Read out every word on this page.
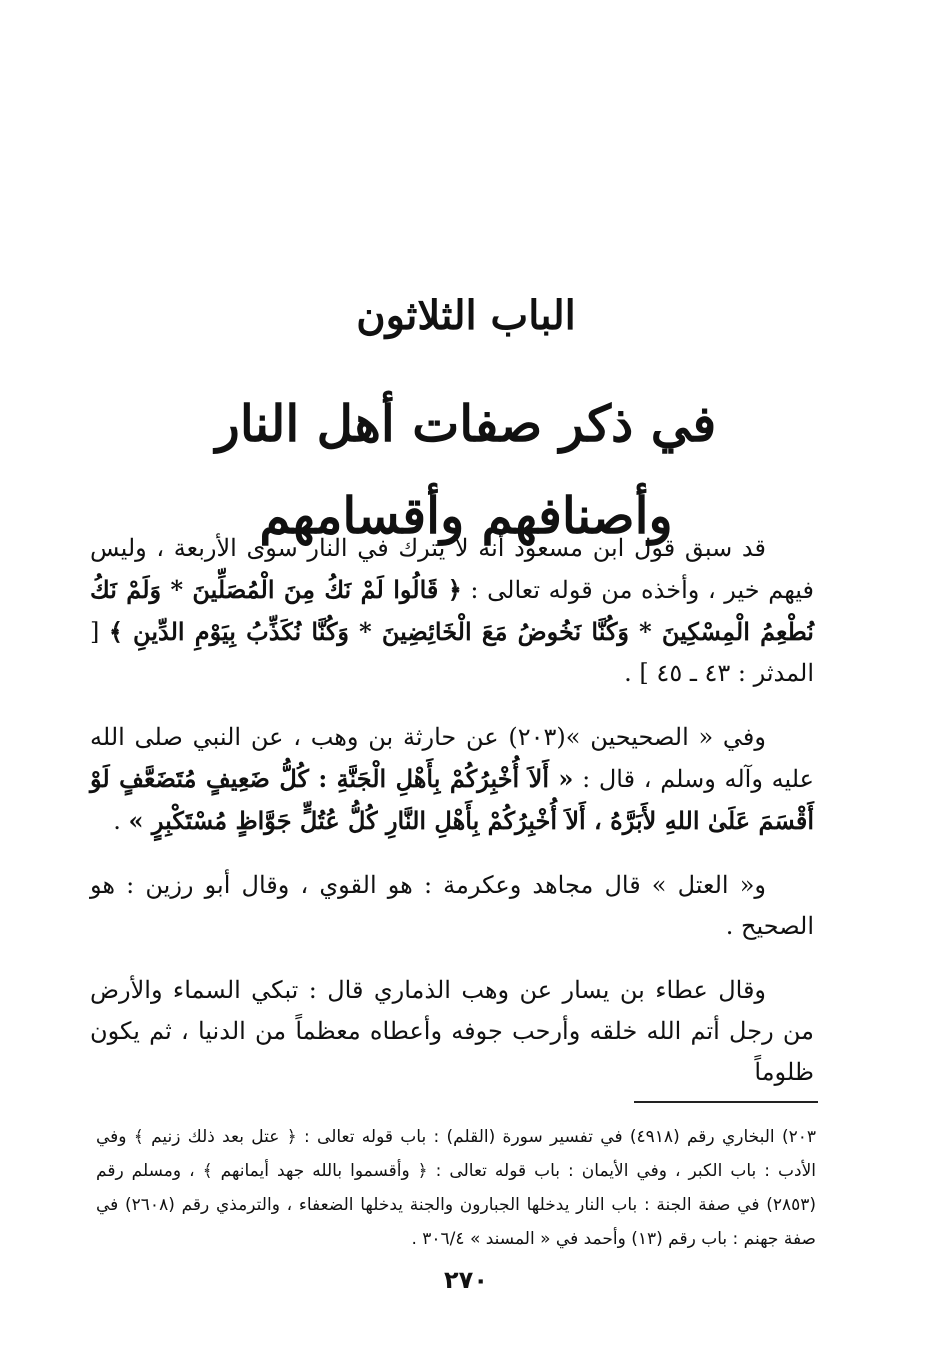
الباب الثلاثون
في ذكر صفات أهل النار وأصنافهم وأقسامهم

قد سبق قول ابن مسعود أنه لا يترك في النار سوى الأربعة ، وليس فيهم خير ، وأخذه من قوله تعالى : ﴿ قَالُوا لَمْ نَكُ مِنَ الْمُصَلِّينَ * وَلَمْ نَكُ نُطْعِمُ الْمِسْكِينَ * وَكُنَّا نَخُوضُ مَعَ الْخَائِضِينَ * وَكُنَّا نُكَذِّبُ بِيَوْمِ الدِّينِ ﴾ [ المدثر : ٤٣ ـ ٤٥ ] .

وفي « الصحيحين »(٢٠٣) عن حارثة بن وهب ، عن النبي صلى الله عليه وآله وسلم ، قال : « أَلاَ أُخْبِرُكُمْ بِأَهْلِ الْجَنَّةِ : كُلُّ ضَعِيفٍ مُتَضَعَّفٍ لَوْ أَقْسَمَ عَلَىٰ اللهِ لأَبَرَّهُ ، أَلاَ أُخْبِرُكُمْ بِأَهْلِ النَّارِ كُلُّ عُتُلٍّ جَوَّاظٍ مُسْتَكْبِرٍ » .

و« العتل » قال مجاهد وعكرمة : هو القوي ، وقال أبو رزين : هو الصحيح .

وقال عطاء بن يسار عن وهب الذماري قال : تبكي السماء والأرض من رجل أتم الله خلقه وأرحب جوفه وأعطاه معظماً من الدنيا ، ثم يكون ظلوماً

٢٠٣) البخاري رقم (٤٩١٨) في تفسير سورة (القلم) : باب قوله تعالى : ﴿ عتل بعد ذلك زنيم ﴾ وفي الأدب : باب الكبر ، وفي الأيمان : باب قوله تعالى : ﴿ وأقسموا بالله جهد أيمانهم ﴾ ، ومسلم رقم (٢٨٥٣) في صفة الجنة : باب النار يدخلها الجبارون والجنة يدخلها الضعفاء ، والترمذي رقم (٢٦٠٨) في صفة جهنم : باب رقم (١٣) وأحمد في « المسند » ٣٠٦/٤ .

٢٧٠
